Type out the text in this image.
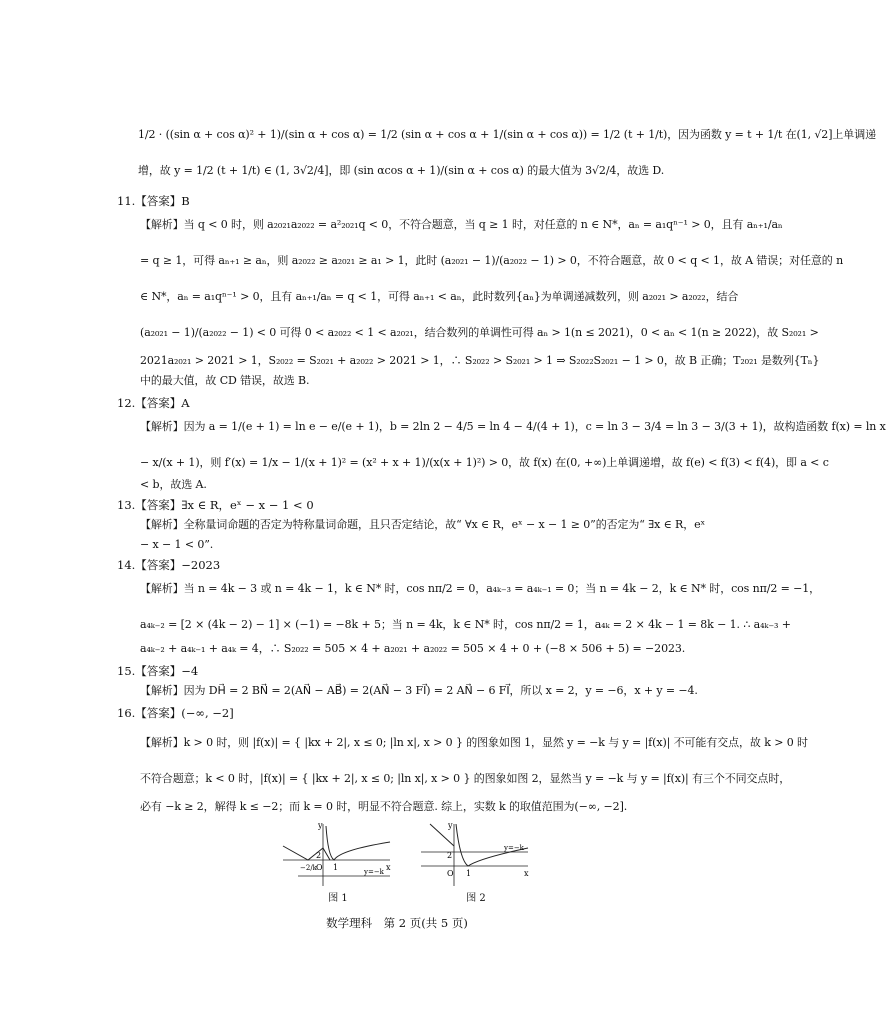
1/2 · ((sin α + cos α)² + 1)/(sin α + cos α) = 1/2 (sin α + cos α + 1/(sin α + cos α)) = 1/2 (t + 1/t)，因为函数 y = t + 1/t 在(1, √2]上单调递
增，故 y = 1/2 (t + 1/t) ∈ (1, 3√2/4]，即 (sin αcos α + 1)/(sin α + cos α) 的最大值为 3√2/4，故选 D.
11.【答案】B
【解析】当 q < 0 时，则 a₂₀₂₁a₂₀₂₂ = a²₂₀₂₁q < 0，不符合题意，当 q ≥ 1 时，对任意的 n ∈ N*，aₙ = a₁qⁿ⁻¹ > 0，且有 aₙ₊₁/aₙ
= q ≥ 1，可得 aₙ₊₁ ≥ aₙ，则 a₂₀₂₂ ≥ a₂₀₂₁ ≥ a₁ > 1，此时 (a₂₀₂₁ − 1)/(a₂₀₂₂ − 1) > 0，不符合题意，故 0 < q < 1，故 A 错误；对任意的 n
∈ N*，aₙ = a₁qⁿ⁻¹ > 0，且有 aₙ₊₁/aₙ = q < 1，可得 aₙ₊₁ < aₙ，此时数列{aₙ}为单调递减数列，则 a₂₀₂₁ > a₂₀₂₂，结合
(a₂₀₂₁ − 1)/(a₂₀₂₂ − 1) < 0 可得 0 < a₂₀₂₂ < 1 < a₂₀₂₁，结合数列的单调性可得 aₙ > 1(n ≤ 2021)，0 < aₙ < 1(n ≥ 2022)，故 S₂₀₂₁ >
2021a₂₀₂₁ > 2021 > 1，S₂₀₂₂ = S₂₀₂₁ + a₂₀₂₂ > 2021 > 1，∴ S₂₀₂₂ > S₂₀₂₁ > 1 ⇒ S₂₀₂₂S₂₀₂₁ − 1 > 0，故 B 正确；T₂₀₂₁ 是数列{Tₙ}
中的最大值，故 CD 错误，故选 B.
12.【答案】A
【解析】因为 a = 1/(e + 1) = ln e − e/(e + 1)，b = 2ln 2 − 4/5 = ln 4 − 4/(4 + 1)，c = ln 3 − 3/4 = ln 3 − 3/(3 + 1)，故构造函数 f(x) = ln x
− x/(x + 1)，则 f′(x) = 1/x − 1/(x + 1)² = (x² + x + 1)/(x(x + 1)²) > 0，故 f(x) 在(0, +∞)上单调递增，故 f(e) < f(3) < f(4)，即 a < c
< b，故选 A.
13.【答案】∃x ∈ R，eˣ − x − 1 < 0
【解析】全称量词命题的否定为特称量词命题，且只否定结论，故“ ∀x ∈ R，eˣ − x − 1 ≥ 0”的否定为“ ∃x ∈ R，eˣ
− x − 1 < 0”.
14.【答案】−2023
【解析】当 n = 4k − 3 或 n = 4k − 1，k ∈ N* 时，cos nπ/2 = 0，a₄ₖ₋₃ = a₄ₖ₋₁ = 0；当 n = 4k − 2，k ∈ N* 时，cos nπ/2 = −1，
a₄ₖ₋₂ = [2 × (4k − 2) − 1] × (−1) = −8k + 5；当 n = 4k，k ∈ N* 时，cos nπ/2 = 1，a₄ₖ = 2 × 4k − 1 = 8k − 1. ∴ a₄ₖ₋₃ +
a₄ₖ₋₂ + a₄ₖ₋₁ + a₄ₖ = 4，∴ S₂₀₂₂ = 505 × 4 + a₂₀₂₁ + a₂₀₂₂ = 505 × 4 + 0 + (−8 × 506 + 5) = −2023.
15.【答案】−4
【解析】因为 DH⃗ = 2 BN⃗ = 2(AN⃗ − AB⃗) = 2(AN⃗ − 3 FI⃗) = 2 AN⃗ − 6 FI⃗，所以 x = 2，y = −6，x + y = −4.
16.【答案】(−∞, −2]
【解析】k > 0 时，则 |f(x)| = { |kx + 2|, x ≤ 0; |ln x|, x > 0 } 的图象如图 1，显然 y = −k 与 y = |f(x)| 不可能有交点，故 k > 0 时
不符合题意；k < 0 时，|f(x)| = { |kx + 2|, x ≤ 0; |ln x|, x > 0 } 的图象如图 2，显然当 y = −k 与 y = |f(x)| 有三个不同交点时，
必有 −k ≥ 2，解得 k ≤ −2；而 k = 0 时，明显不符合题意. 综上，实数 k 的取值范围为(−∞, −2].
y
x
2
O 1
−2/k	y=−k
图 1
y
x
2
O 1
y=−k
图 2
数学理科　第 2 页(共 5 页)
